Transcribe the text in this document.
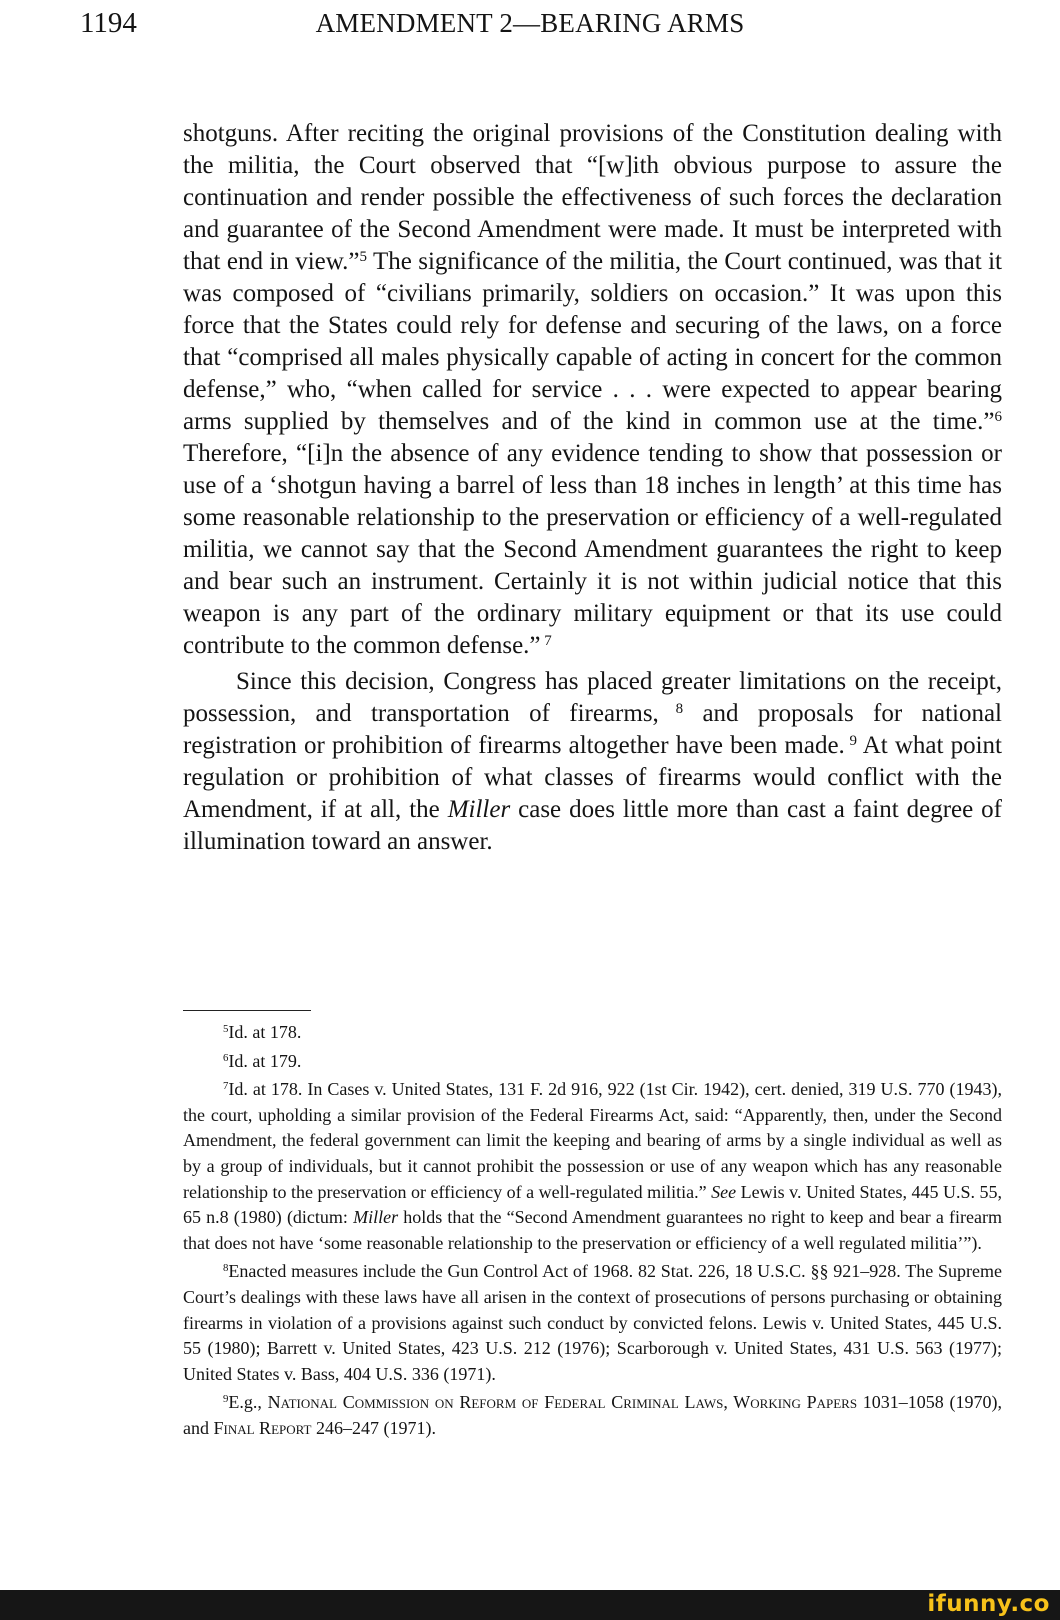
1194	AMENDMENT 2—BEARING ARMS

shotguns. After reciting the original provisions of the Constitution dealing with the militia, the Court observed that “[w]ith obvious purpose to assure the continuation and render possible the effectiveness of such forces the declaration and guarantee of the Second Amendment were made. It must be interpreted with that end in view.”$^5$ The significance of the militia, the Court continued, was that it was composed of “civilians primarily, soldiers on occasion.” It was upon this force that the States could rely for defense and securing of the laws, on a force that “comprised all males physically capable of acting in concert for the common defense,” who, “when called for service . . . were expected to appear bearing arms supplied by themselves and of the kind in common use at the time.”$^6$ Therefore, “[i]n the absence of any evidence tending to show that possession or use of a ‘shotgun having a barrel of less than 18 inches in length’ at this time has some reasonable relationship to the preservation or efficiency of a well-regulated militia, we cannot say that the Second Amendment guarantees the right to keep and bear such an instrument. Certainly it is not within judicial notice that this weapon is any part of the ordinary military equipment or that its use could contribute to the common defense.” $^7$

Since this decision, Congress has placed greater limitations on the receipt, possession, and transportation of firearms, $^8$ and proposals for national registration or prohibition of firearms altogether have been made. $^9$ At what point regulation or prohibition of what classes of firearms would conflict with the Amendment, if at all, the Miller case does little more than cast a faint degree of illumination toward an answer.

$^5$Id. at 178.

$^6$Id. at 179.

$^7$Id. at 178. In Cases v. United States, 131 F. 2d 916, 922 (1st Cir. 1942), cert. denied, 319 U.S. 770 (1943), the court, upholding a similar provision of the Federal Firearms Act, said: “Apparently, then, under the Second Amendment, the federal government can limit the keeping and bearing of arms by a single individual as well as by a group of individuals, but it cannot prohibit the possession or use of any weapon which has any reasonable relationship to the preservation or efficiency of a well-regulated militia.” See Lewis v. United States, 445 U.S. 55, 65 n.8 (1980) (dictum: Miller holds that the “Second Amendment guarantees no right to keep and bear a firearm that does not have ‘some reasonable relationship to the preservation or efficiency of a well regulated militia’”).

$^8$Enacted measures include the Gun Control Act of 1968. 82 Stat. 226, 18 U.S.C. §§ 921–928. The Supreme Court’s dealings with these laws have all arisen in the context of prosecutions of persons purchasing or obtaining firearms in violation of a provisions against such conduct by convicted felons. Lewis v. United States, 445 U.S. 55 (1980); Barrett v. United States, 423 U.S. 212 (1976); Scarborough v. United States, 431 U.S. 563 (1977); United States v. Bass, 404 U.S. 336 (1971).

$^9$E.g., National Commission on Reform of Federal Criminal Laws, Working Papers 1031–1058 (1970), and Final Report 246–247 (1971).

ifunny.co
